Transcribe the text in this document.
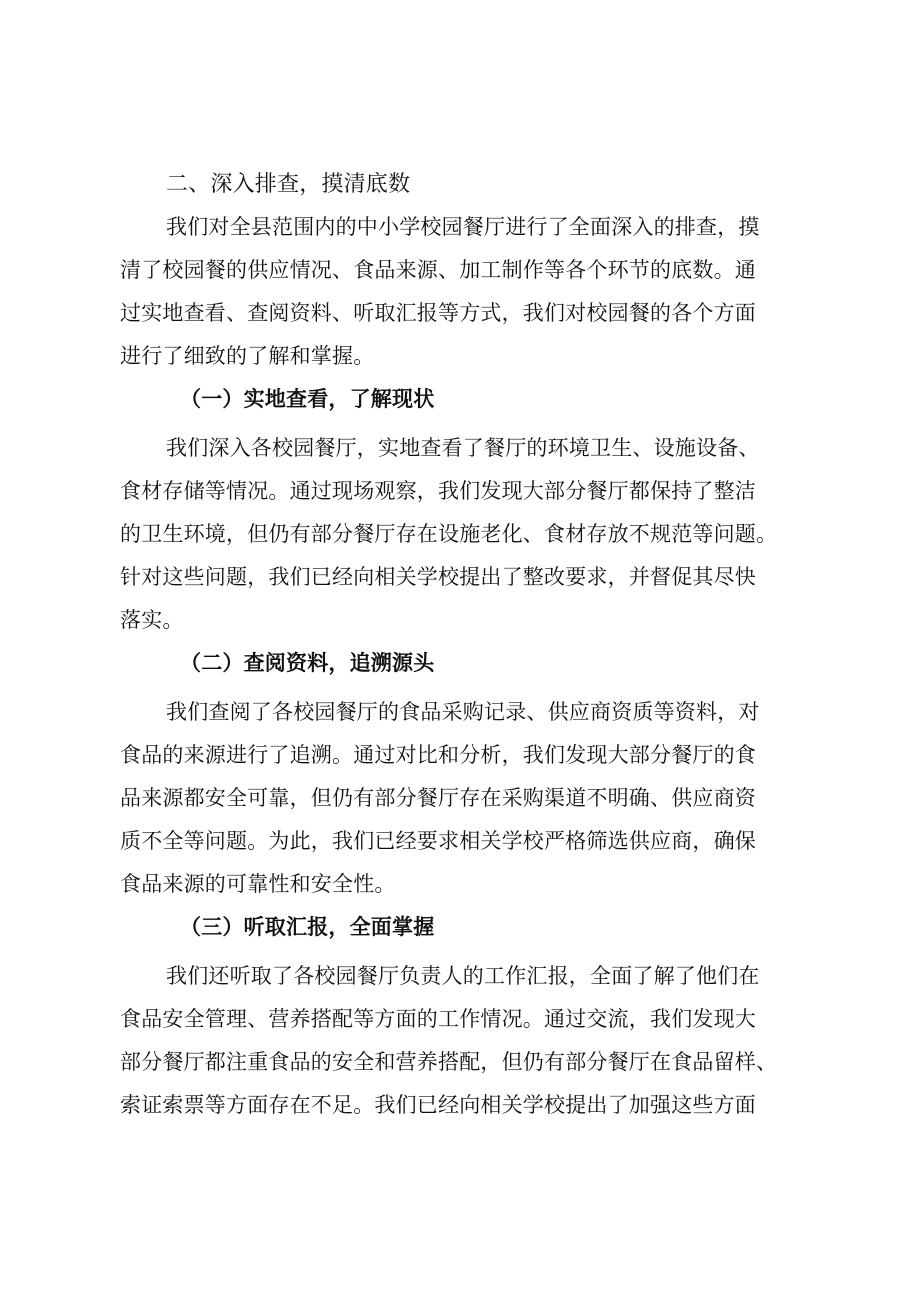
二、深入排查，摸清底数
我们对全县范围内的中小学校园餐厅进行了全面深入的排查，摸
清了校园餐的供应情况、食品来源、加工制作等各个环节的底数。通
过实地查看、查阅资料、听取汇报等方式，我们对校园餐的各个方面
进行了细致的了解和掌握。
（一）实地查看，了解现状
我们深入各校园餐厅，实地查看了餐厅的环境卫生、设施设备、
食材存储等情况。通过现场观察，我们发现大部分餐厅都保持了整洁
的卫生环境，但仍有部分餐厅存在设施老化、食材存放不规范等问题。
针对这些问题，我们已经向相关学校提出了整改要求，并督促其尽快
落实。
（二）查阅资料，追溯源头
我们查阅了各校园餐厅的食品采购记录、供应商资质等资料，对
食品的来源进行了追溯。通过对比和分析，我们发现大部分餐厅的食
品来源都安全可靠，但仍有部分餐厅存在采购渠道不明确、供应商资
质不全等问题。为此，我们已经要求相关学校严格筛选供应商，确保
食品来源的可靠性和安全性。
（三）听取汇报，全面掌握
我们还听取了各校园餐厅负责人的工作汇报，全面了解了他们在
食品安全管理、营养搭配等方面的工作情况。通过交流，我们发现大
部分餐厅都注重食品的安全和营养搭配，但仍有部分餐厅在食品留样、
索证索票等方面存在不足。我们已经向相关学校提出了加强这些方面
